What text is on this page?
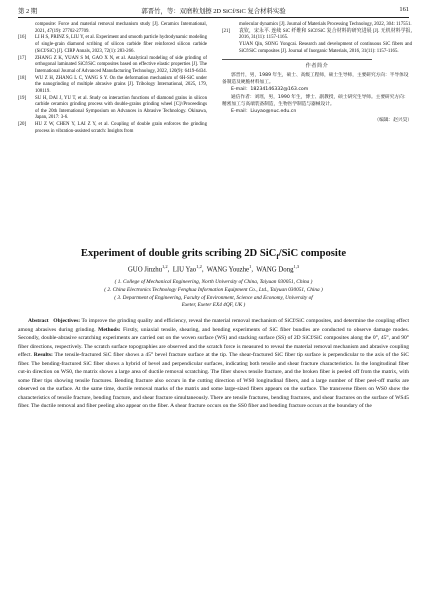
第 2 期	郭晋竹，等：双磨粒划擦 2D SiCf/SiC 复合材料实验	161
composite: Force and material removal mechanism study [J]. Ceramics International, 2021, 47(19): 27702-27709.
[16]	LI H S, PRINZ S, LIU Y, et al. Experiment and smooth particle hydrodynamic modeling of single-grain diamond scribing of silicon carbide fiber reinforced silicon carbide (SiCf/SiC) [J]. CIRP Annals, 2023, 72(1): 283-266.
[17]	ZHANG Z K, YUAN S M, GAO X N, et al. Analytical modeling of side grinding of orthogonal laminated SiCf/SiC composites based on effective elastic properties [J]. The International Journal of Advanced Manufacturing Technology, 2022, 120(9): 6419-6434.
[18]	WU Z H, ZHANG L C, YANG S Y. On the deformation mechanism of 6H-SiC under the nanogrinding of multiple abrasive grains [J]. Tribology International, 2025, 179, 108119.
[19]	SU H, DAI J, YU T, et al. Study on interaction functions of diamond grains in silicon carbide ceramics grinding process with double-grains grinding wheel [C]//Proceedings of the 20th International Symposium on Advances in Abrasive Technology. Okinawa, Japan, 2017: 3-6.
[20]	HU Z W, CHEN Y, LAI Z Y, et al. Coupling of double grain enforces the grinding process in vibration-assisted scratch: Insights from
molecular dynamics [J]. Journal of Materials Processing Technology, 2022, 304: 117551.
[21]	袁钦，宋永平. 连续 SiC 纤维和 SiCf/SiC 复合材料的研究进展 [J]. 无机材料学报, 2016, 31(11): 1157-1165.
YUAN Qin, SONG Yongcai. Research and development of continuous SiC fibers and SiCf/SiC composites [J]. Journal of Inorganic Materials, 2016, 31(11): 1157-1165.
作者简介

郭晋竹，男，1989 年生，硕士、高级工程师，硕士生导师，主要研究方向：半导体设备制造及硬脆材料加工。

E-mail：18234146332@163.com

通信作者：刘瑶，男，1990 年生，博士、副教授，硕士研究生导师。主要研究方向：精密加工与高端装备制造，生物医学制造与器械设计。

E-mail：Liuyao@nuc.edu.cn

（编辑：赵兴昊）
Experiment of double grits scribing 2D SiC$_f$/SiC composite
GUO Jinzhu$^{1,2}$,  LIU Yao$^{1,2}$,  WANG Youzhe$^1$,  WANG Dong$^{1,3}$
( 1. College of Mechanical Engineering, North University of China, Taiyuan 030051, China )
( 2. China Electronics Technology Fenghua Information Equipment Co., Ltd., Taiyuan 030051, China )
( 3. Department of Engineering, Faculty of Environment, Science and Economy, University of
Exeter, Exeter EX4 4QF, UK )
Abstract Objectives: To improve the grinding quality and efficiency, reveal the material removal mechanism of SiCf/SiC composites, and determine the coupling effect among abrasives during grinding. Methods: Firstly, uniaxial tensile, shearing, and bending experiments of SiC fiber bundles are conducted to observe damage modes. Secondly, double-abrasive scratching experiments are carried out on the woven surface (WS) and stacking surface (SS) of 2D SiCf/SiC composites along the 0°, 45°, and 90° fiber directions, respectively. The scratch surface topographies are observed and the scratch force is measured to reveal the material removal mechanism and abrasive coupling effect. Results: The tensile-fractured SiC fiber shows a 45° bevel fracture surface at the tip. The shear-fractured SiC fiber tip surface is perpendicular to the axis of the SiC fiber. The bending-fractured SiC fiber shows a hybrid of bevel and perpendicular surfaces, indicating both tensile and shear fracture characteristics. In the longitudinal fiber cut-in direction on WS0, the matrix shows a large area of ductile removal scratching. The fiber shows tensile fracture, and the broken fiber is peeled off from the matrix, with some fiber tips showing tensile fractures. Bending fracture also occurs in the cutting direction of WS0 longitudinal fibers, and a large number of fiber peel-off marks are observed on the surface. At the same time, ductile removal marks of the matrix and some large-sized fibers appears on the surface. The transverse fibers on WS0 show the characteristics of tensile fracture, bending fracture, and shear fracture simultaneously. There are tensile fractures, bending fractures, and shear fractures on the surface of WS45 fiber. The ductile removal and fiber peeling also appear on the fiber. A shear fracture occurs on the SS0 fiber and bending fracture occurs at the boundary of the
